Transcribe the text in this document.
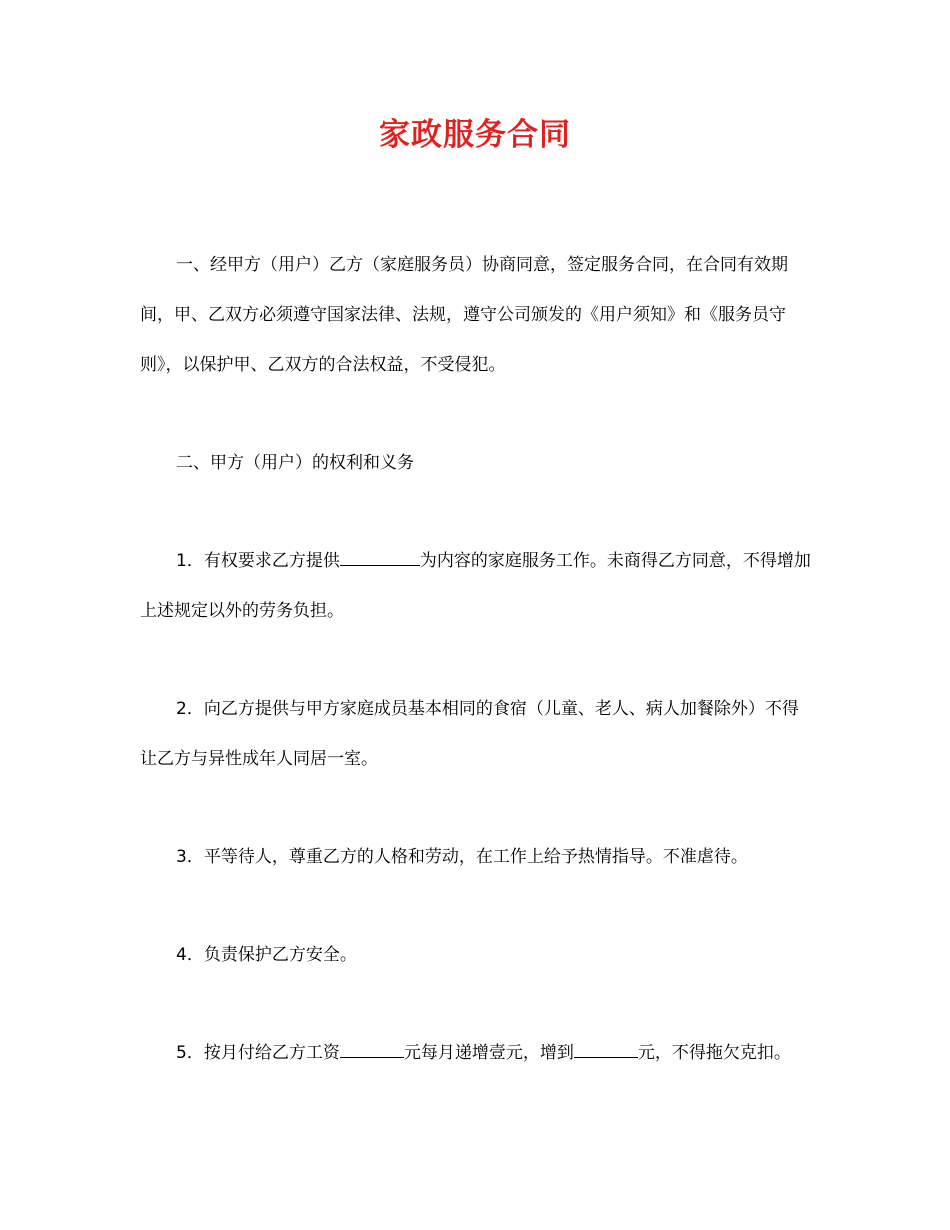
家政服务合同

一、经甲方（用户）乙方（家庭服务员）协商同意，签定服务合同，在合同有效期间，甲、乙双方必须遵守国家法律、法规，遵守公司颁发的《用户须知》和《服务员守则》，以保护甲、乙双方的合法权益，不受侵犯。

二、甲方（用户）的权利和义务

1．有权要求乙方提供	为内容的家庭服务工作。未商得乙方同意，不得增加上述规定以外的劳务负担。

2．向乙方提供与甲方家庭成员基本相同的食宿（儿童、老人、病人加餐除外）不得让乙方与异性成年人同居一室。

3．平等待人，尊重乙方的人格和劳动，在工作上给予热情指导。不准虐待。

4．负责保护乙方安全。

5．按月付给乙方工资	元每月递增壹元，增到	元，不得拖欠克扣。
